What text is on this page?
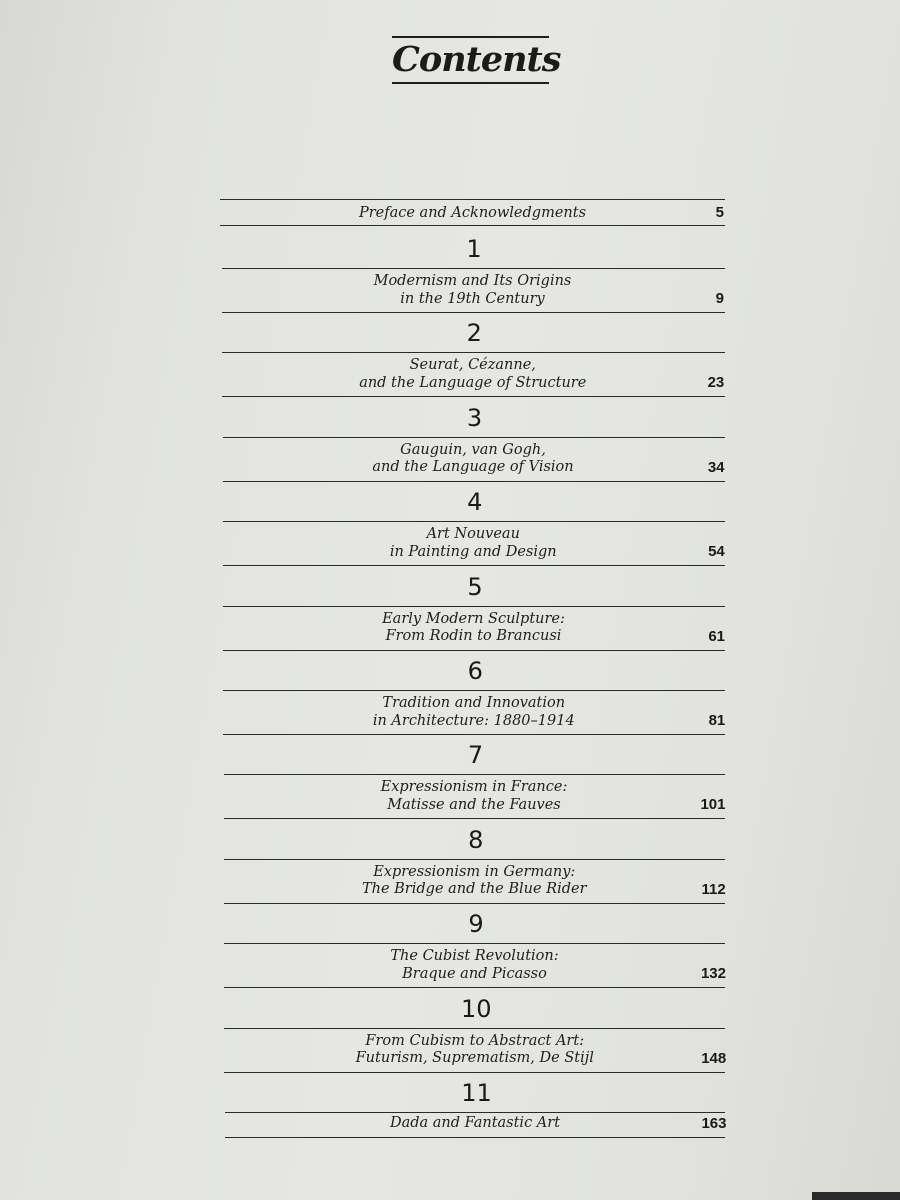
Contents
Preface and Acknowledgments	5
1
Modernism and Its Origins
in the 19th Century	9
2
Seurat, Cézanne,
and the Language of Structure	23
3
Gauguin, van Gogh,
and the Language of Vision	34
4
Art Nouveau
in Painting and Design	54
5
Early Modern Sculpture:
From Rodin to Brancusi	61
6
Tradition and Innovation
in Architecture: 1880–1914	81
7
Expressionism in France:
Matisse and the Fauves	101
8
Expressionism in Germany:
The Bridge and the Blue Rider	112
9
The Cubist Revolution:
Braque and Picasso	132
10
From Cubism to Abstract Art:
Futurism, Suprematism, De Stijl	148
11
Dada and Fantastic Art	163
